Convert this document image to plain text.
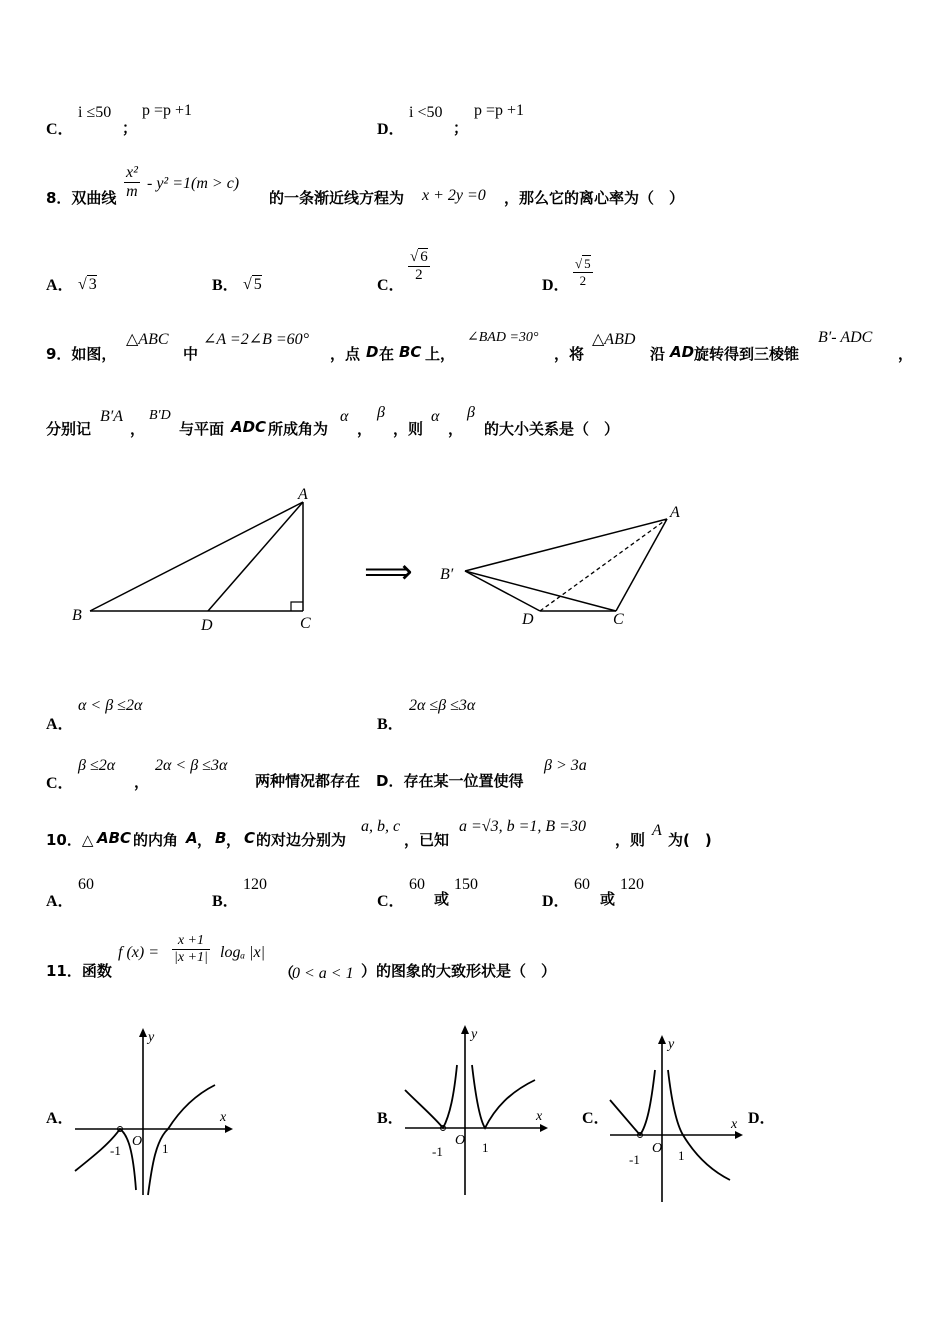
C．
i ≤50
；
p =p +1
D．
i <50
；
p =p +1
8．双曲线 $\frac{\text{x²}}{m} - y^2 =1(m > c)$
的一条渐近线方程为 x + 2y =0 ，那么它的离心率为（　）
A． √ 3	B． √ 5	C．
$\frac{√ 6}{2}$
D． $\frac{√ 5}{2}$
9．如图，
△ABC
中
∠A =2∠B =60°
，点 D 在 BC 上，
∠BAD =30°
，将
△ABD
沿 AD 旋转得到三棱锥
B′- ADC
，
分别记
B′A
，
B′D
与平面 ADC 所成角为
α
，
β
，则
α
，
β
的大小关系是（　）
A
B	C
D
⟹
A
B′
C
D
A．
α < β ≤2α
B．
2α ≤β ≤3α
C．
β ≤2α
，
2α < β ≤3α
两种情况都存在 D．存在某一位置使得
β > 3a
10．△ ABC 的内角 A ， B ， C 的对边分别为
a, b, c
，已知
a =√3, b =1, B =30
，则
A
为(　)
A．
60
B．
120
C．
60
或
150
D．
60
或
120
11．函数
f $(x) = \frac{x +1}{|x +1|}$ logₐ |x|
（
0 < a < 1 ）的图象的大致形状是（　）
A．	B．	C．	D．
x
y
O
-1	1
x
y
O
-1	1
x
y
O
-1	1
